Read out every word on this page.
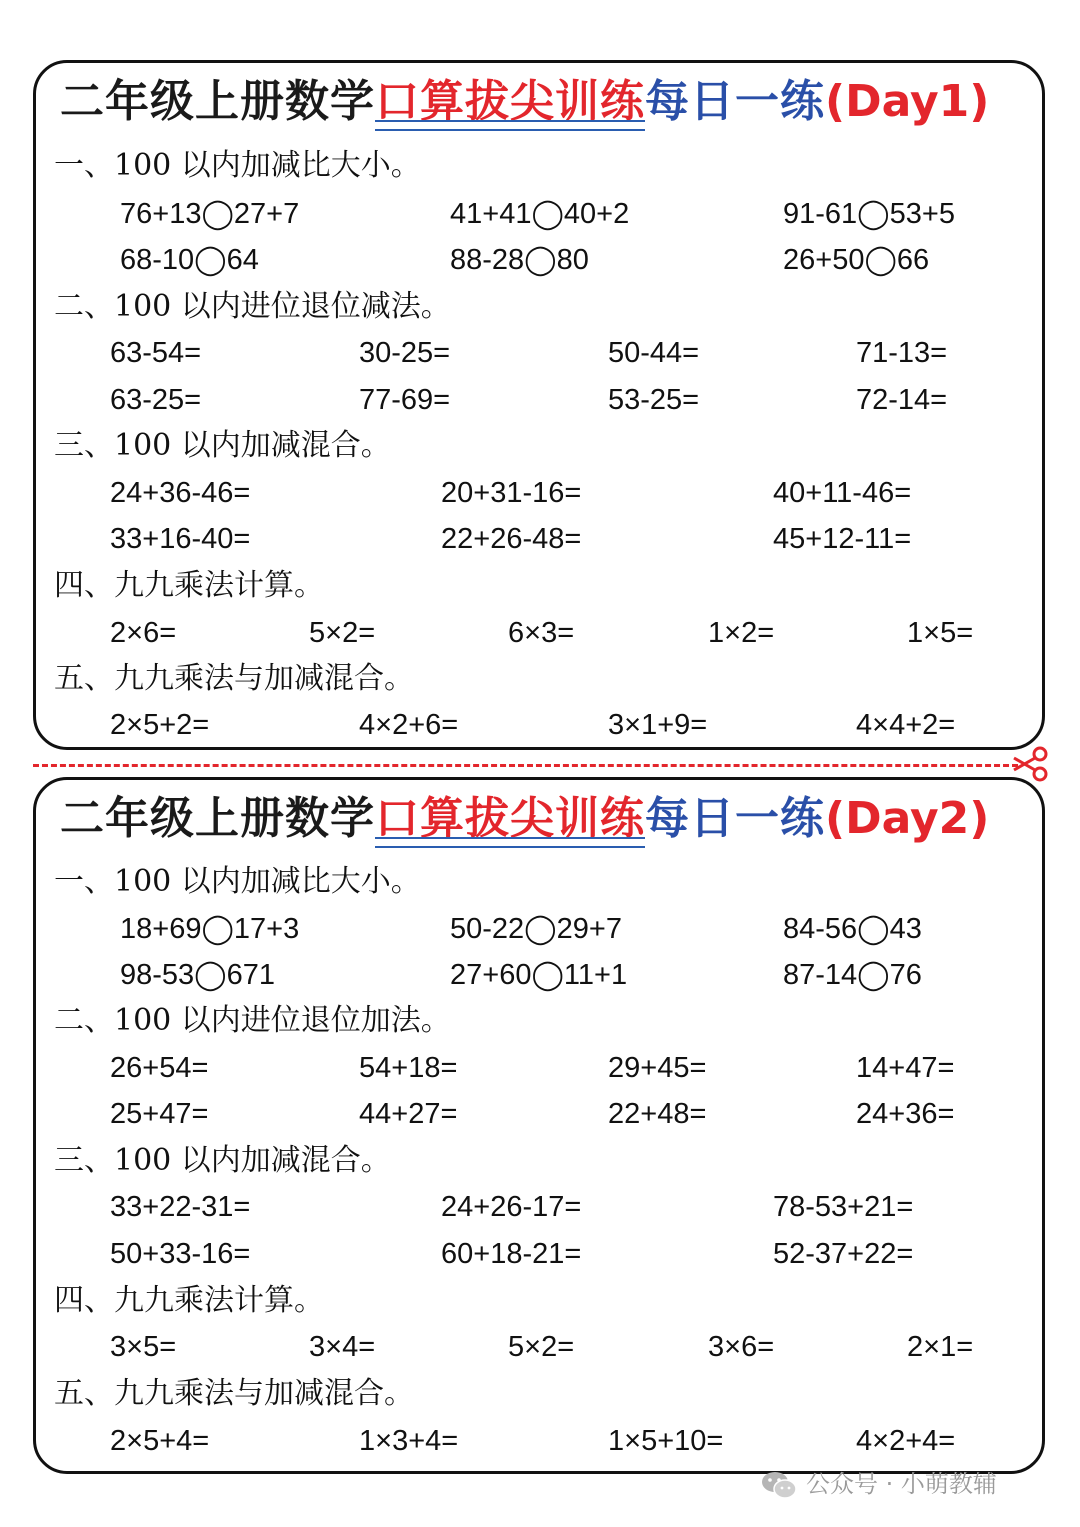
二年级上册数学口算拔尖训练每日一练(Day1)
一、100 以内加减比大小。
76+13◯27+7	41+41◯40+2	91-61◯53+5
68-10◯64	88-28◯80	26+50◯66
二、100 以内进位退位减法。
63-54=	30-25=	50-44=	71-13=
63-25=	77-69=	53-25=	72-14=
三、100 以内加减混合。
24+36-46=	20+31-16=	40+11-46=
33+16-40=	22+26-48=	45+12-11=
四、九九乘法计算。
2×6=	5×2=	6×3=	1×2=	1×5=
五、九九乘法与加减混合。
2×5+2=	4×2+6=	3×1+9=	4×4+2=
二年级上册数学口算拔尖训练每日一练(Day2)
一、100 以内加减比大小。
18+69◯17+3	50-22◯29+7	84-56◯43
98-53◯671	27+60◯11+1	87-14◯76
二、100 以内进位退位加法。
26+54=	54+18=	29+45=	14+47=
25+47=	44+27=	22+48=	24+36=
三、100 以内加减混合。
33+22-31=	24+26-17=	78-53+21=
50+33-16=	60+18-21=	52-37+22=
四、九九乘法计算。
3×5=	3×4=	5×2=	3×6=	2×1=
五、九九乘法与加减混合。
2×5+4=	1×3+4=	1×5+10=	4×2+4=
公众号 · 小萌教辅
